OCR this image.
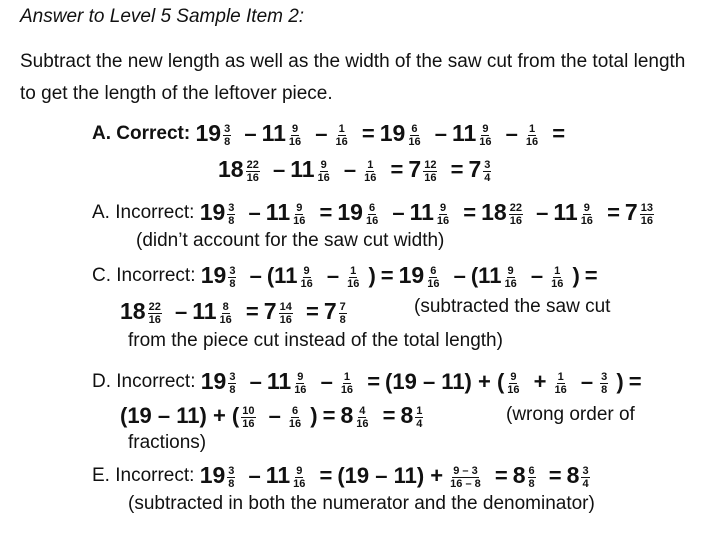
Answer to Level 5 Sample Item 2:
Subtract the new length as well as the width of the saw cut from the total length to get the length of the leftover piece.
A. Correct: $19 \frac{3}{8} - 11 \frac{9}{16} - \frac{1}{16} = 19 \frac{6}{16} - 11 \frac{9}{16} - \frac{1}{16}$ =
$18 \frac{22}{16} - 11 \frac{9}{16} - \frac{1}{16} = 7 \frac{12}{16} = 7 \frac{3}{4}$
A. Incorrect: $19 \frac{3}{8} - 11 \frac{9}{16} = 19 \frac{6}{16} - 11 \frac{9}{16} = 18 \frac{22}{16} - 11 \frac{9}{16} = 7 \frac{13}{16}$
(didn’t account for the saw cut width)
C. Incorrect: $19 \frac{3}{8} - (11 \frac{9}{16} - \frac{1}{16}$ ) = $19 \frac{6}{16} - (11 \frac{9}{16} - \frac{1}{16}$ ) =
$18 \frac{22}{16} - 11 \frac{8}{16} = 7 \frac{14}{16} = 7 \frac{7}{8}$	(subtracted the saw cut
from the piece cut instead of the total length)
D. Incorrect: $19 \frac{3}{8} - 11 \frac{9}{16} - \frac{1}{16} = (19 - 11)$ + ( $\frac{9}{16} + \frac{1}{16} - \frac{3}{8}$ ) =
(19 – 11) + ( $\frac{10}{16} - \frac{6}{16}$ ) = $8 \frac{4}{16} = 8 \frac{1}{4}$	(wrong order of
fractions)
E. Incorrect: $19 \frac{3}{8} - 11 \frac{9}{16} = (19 - 11) + \frac{9 - 3}{16 - 8} = 8 \frac{6}{8} = 8 \frac{3}{4}$
(subtracted in both the numerator and the denominator)
